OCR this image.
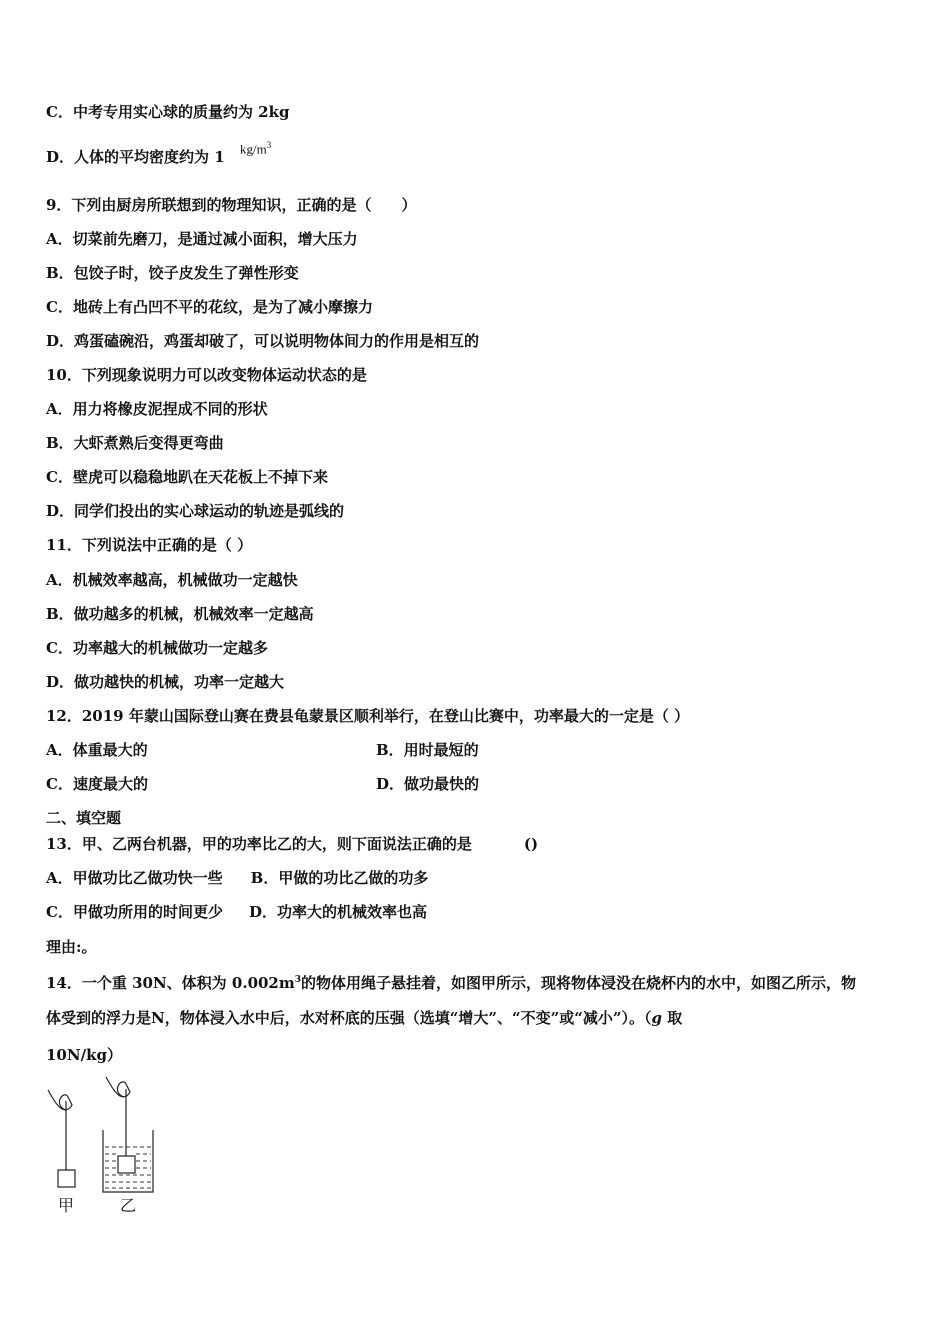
C．中考专用实心球的质量约为 2kg
D．人体的平均密度约为 1 $kg/m^3$
9．下列由厨房所联想到的物理知识，正确的是（　　）
A．切菜前先磨刀，是通过减小面积，增大压力
B．包饺子时，饺子皮发生了弹性形变
C．地砖上有凸凹不平的花纹，是为了减小摩擦力
D．鸡蛋磕碗沿，鸡蛋却破了，可以说明物体间力的作用是相互的
10．下列现象说明力可以改变物体运动状态的是
A．用力将橡皮泥捏成不同的形状
B．大虾煮熟后变得更弯曲
C．壁虎可以稳稳地趴在天花板上不掉下来
D．同学们投出的实心球运动的轨迹是弧线的
11．下列说法中正确的是（ ）
A．机械效率越高，机械做功一定越快
B．做功越多的机械，机械效率一定越高
C．功率越大的机械做功一定越多
D．做功越快的机械，功率一定越大
12．2019 年蒙山国际登山赛在费县龟蒙景区顺利举行，在登山比赛中，功率最大的一定是（ ）
A．体重最大的	B．用时最短的
C．速度最大的	D．做功最快的
二、填空题
13．甲、乙两台机器，甲的功率比乙的大，则下面说法正确的是	()
A．甲做功比乙做功快一些 B．甲做的功比乙做的功多
C．甲做功所用的时间更少 D．功率大的机械效率也高
理由:。
14．一个重 30N、体积为 $0.002m^3$的物体用绳子悬挂着，如图甲所示，现将物体浸没在烧杯内的水中，如图乙所示，物
体受到的浮力是N，物体浸入水中后，水对杯底的压强（选填“增大”、“不变”或“减小”）。（g 取
10N/kg）
甲	乙
